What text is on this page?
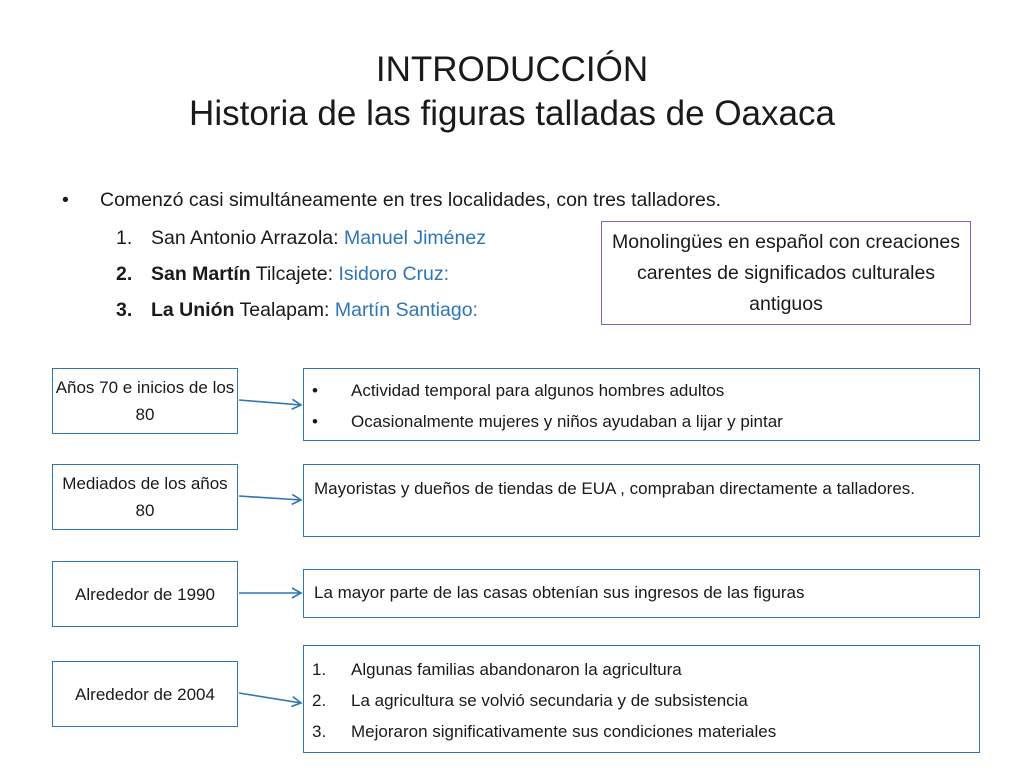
INTRODUCCIÓN
Historia de las figuras talladas de Oaxaca
• Comenzó casi simultáneamente en tres localidades, con tres talladores.
1. San Antonio Arrazola: Manuel Jiménez
2. San Martín Tilcajete: Isidoro Cruz:
3. La Unión Tealapam: Martín Santiago:
Monolingües en español con creaciones carentes de significados culturales antiguos
Años 70 e inicios de los 80
• Actividad temporal para algunos hombres adultos
• Ocasionalmente mujeres y niños ayudaban a lijar y pintar
Mediados de los años 80
Mayoristas y dueños de tiendas de EUA , compraban directamente a talladores.
Alrededor de 1990	La mayor parte de las casas obtenían sus ingresos de las figuras
Alrededor de 2004
1. Algunas familias abandonaron la agricultura
2. La agricultura se volvió secundaria y de subsistencia
3. Mejoraron significativamente sus condiciones materiales
